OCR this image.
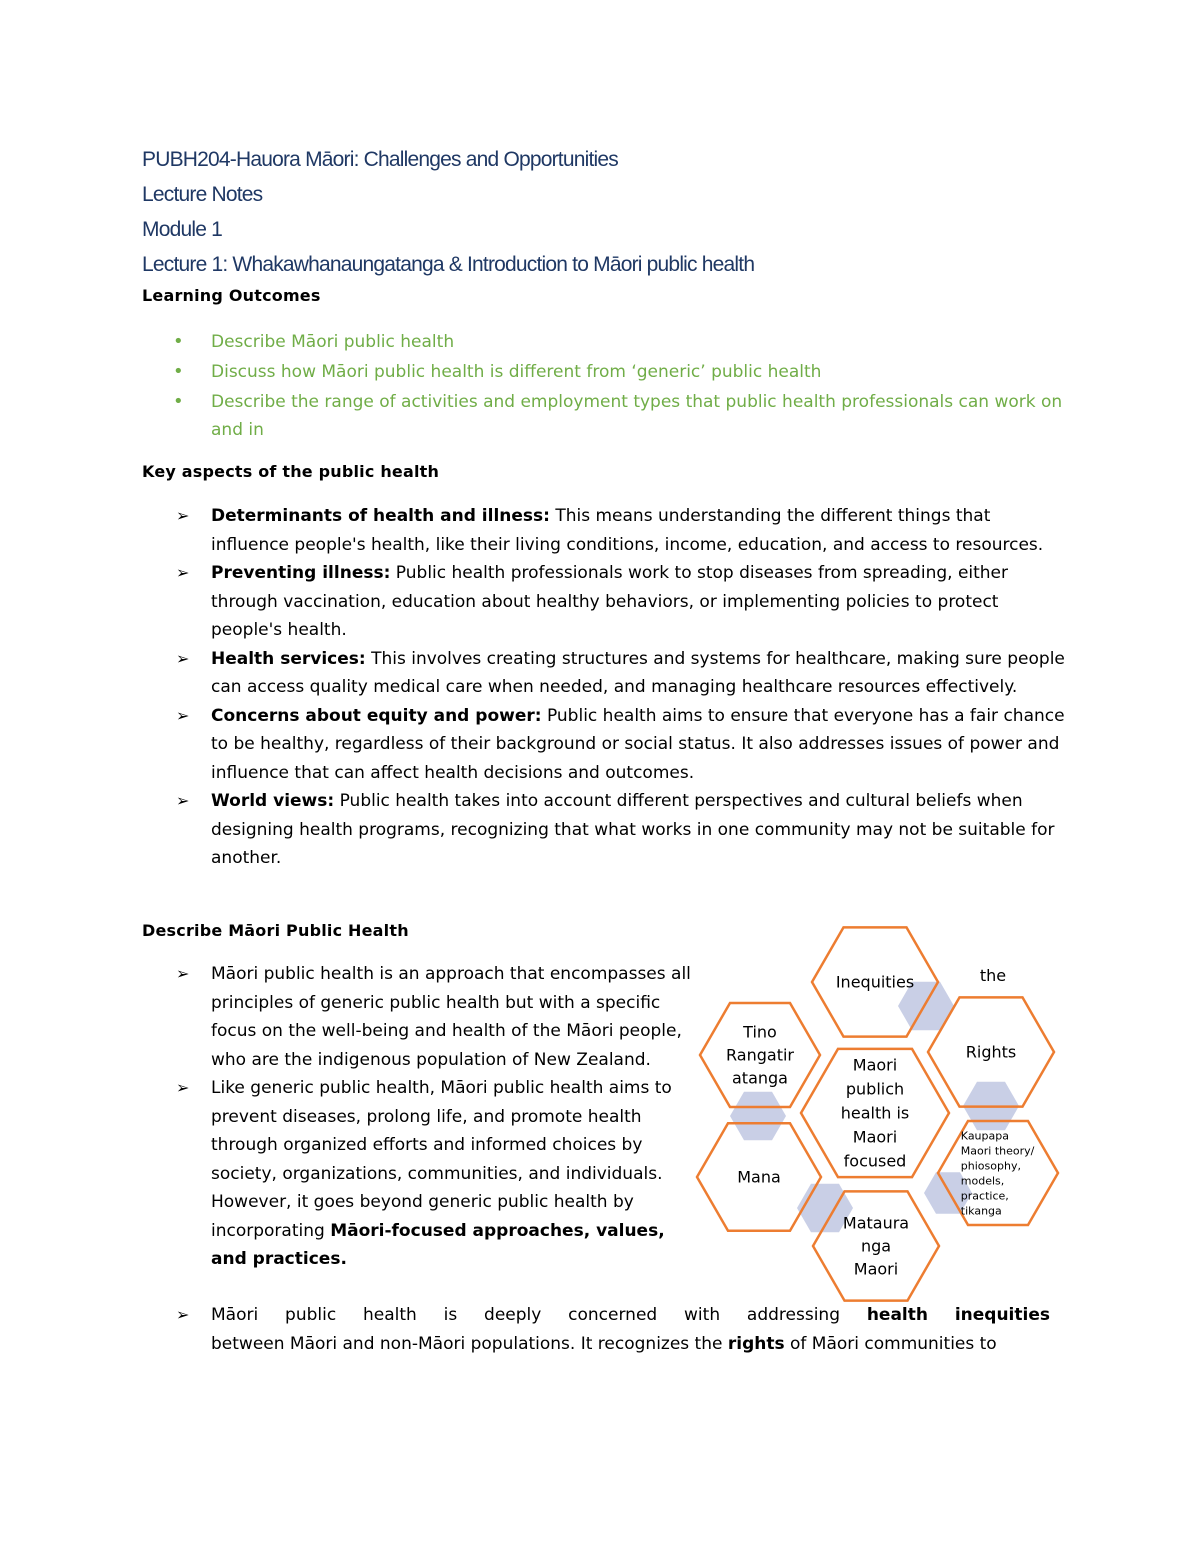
PUBH204-Hauora Māori: Challenges and Opportunities
Lecture Notes
Module 1
Lecture 1: Whakawhanaungatanga & Introduction to Māori public health

Learning Outcomes

• Describe Māori public health
• Discuss how Māori public health is different from ‘generic’ public health
• Describe the range of activities and employment types that public health professionals can work on and in

Key aspects of the public health

➢ Determinants of health and illness: This means understanding the different things that influence people's health, like their living conditions, income, education, and access to resources.
➢ Preventing illness: Public health professionals work to stop diseases from spreading, either through vaccination, education about healthy behaviors, or implementing policies to protect people's health.
➢ Health services: This involves creating structures and systems for healthcare, making sure people can access quality medical care when needed, and managing healthcare resources effectively.
➢ Concerns about equity and power: Public health aims to ensure that everyone has a fair chance to be healthy, regardless of their background or social status. It also addresses issues of power and influence that can affect health decisions and outcomes.
➢ World views: Public health takes into account different perspectives and cultural beliefs when designing health programs, recognizing that what works in one community may not be suitable for another.

Describe Māori Public Health

➢ Māori public health is an approach that encompasses all principles of generic public health but with a specific focus on the well-being and health of the Māori people, who are the indigenous population of New Zealand.
➢ Like generic public health, Māori public health aims to prevent diseases, prolong life, and promote health through organized efforts and informed choices by society, organizations, communities, and individuals. However, it goes beyond generic public health by incorporating Māori-focused approaches, values, and practices.
➢ Māori public health is deeply concerned with addressing health inequities
between Māori and non-Māori populations. It recognizes the rights of Māori communities to
Inequities
Tino
Rangatir
atanga
Rights
Maori
publich
health is
Maori
focused
Mana
Kaupapa
Maori theory/
phiosophy,
models,
practice,
tikanga
Mataura
nga
Maori
the
